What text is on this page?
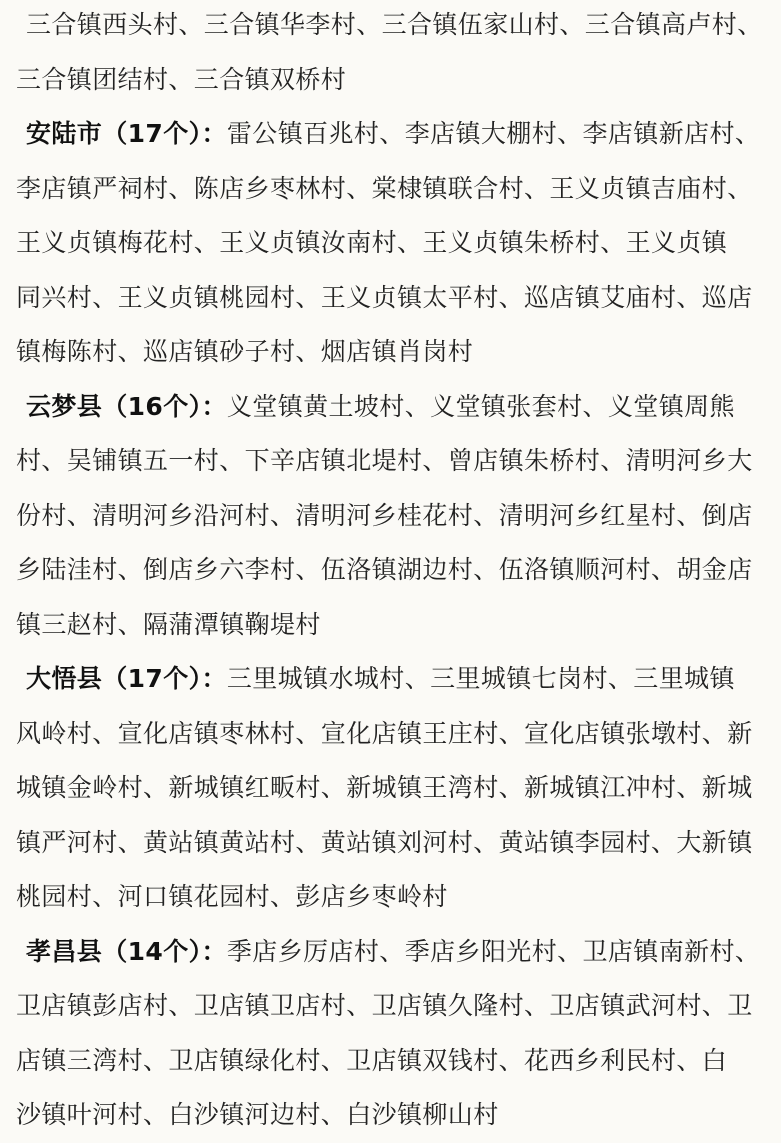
三合镇西头村、三合镇华李村、三合镇伍家山村、三合镇高卢村、
三合镇团结村、三合镇双桥村
安陆市（17个）：雷公镇百兆村、李店镇大棚村、李店镇新店村、
李店镇严祠村、陈店乡枣林村、棠棣镇联合村、王义贞镇吉庙村、
王义贞镇梅花村、王义贞镇汝南村、王义贞镇朱桥村、王义贞镇
同兴村、王义贞镇桃园村、王义贞镇太平村、巡店镇艾庙村、巡店
镇梅陈村、巡店镇砂子村、烟店镇肖岗村
云梦县（16个）：义堂镇黄土坡村、义堂镇张套村、义堂镇周熊
村、吴铺镇五一村、下辛店镇北堤村、曾店镇朱桥村、清明河乡大
份村、清明河乡沿河村、清明河乡桂花村、清明河乡红星村、倒店
乡陆洼村、倒店乡六李村、伍洛镇湖边村、伍洛镇顺河村、胡金店
镇三赵村、隔蒲潭镇鞠堤村
大悟县（17个）：三里城镇水城村、三里城镇七岗村、三里城镇
风岭村、宣化店镇枣林村、宣化店镇王庄村、宣化店镇张墩村、新
城镇金岭村、新城镇红畈村、新城镇王湾村、新城镇江冲村、新城
镇严河村、黄站镇黄站村、黄站镇刘河村、黄站镇李园村、大新镇
桃园村、河口镇花园村、彭店乡枣岭村
孝昌县（14个）：季店乡厉店村、季店乡阳光村、卫店镇南新村、
卫店镇彭店村、卫店镇卫店村、卫店镇久隆村、卫店镇武河村、卫
店镇三湾村、卫店镇绿化村、卫店镇双钱村、花西乡利民村、白
沙镇叶河村、白沙镇河边村、白沙镇柳山村
